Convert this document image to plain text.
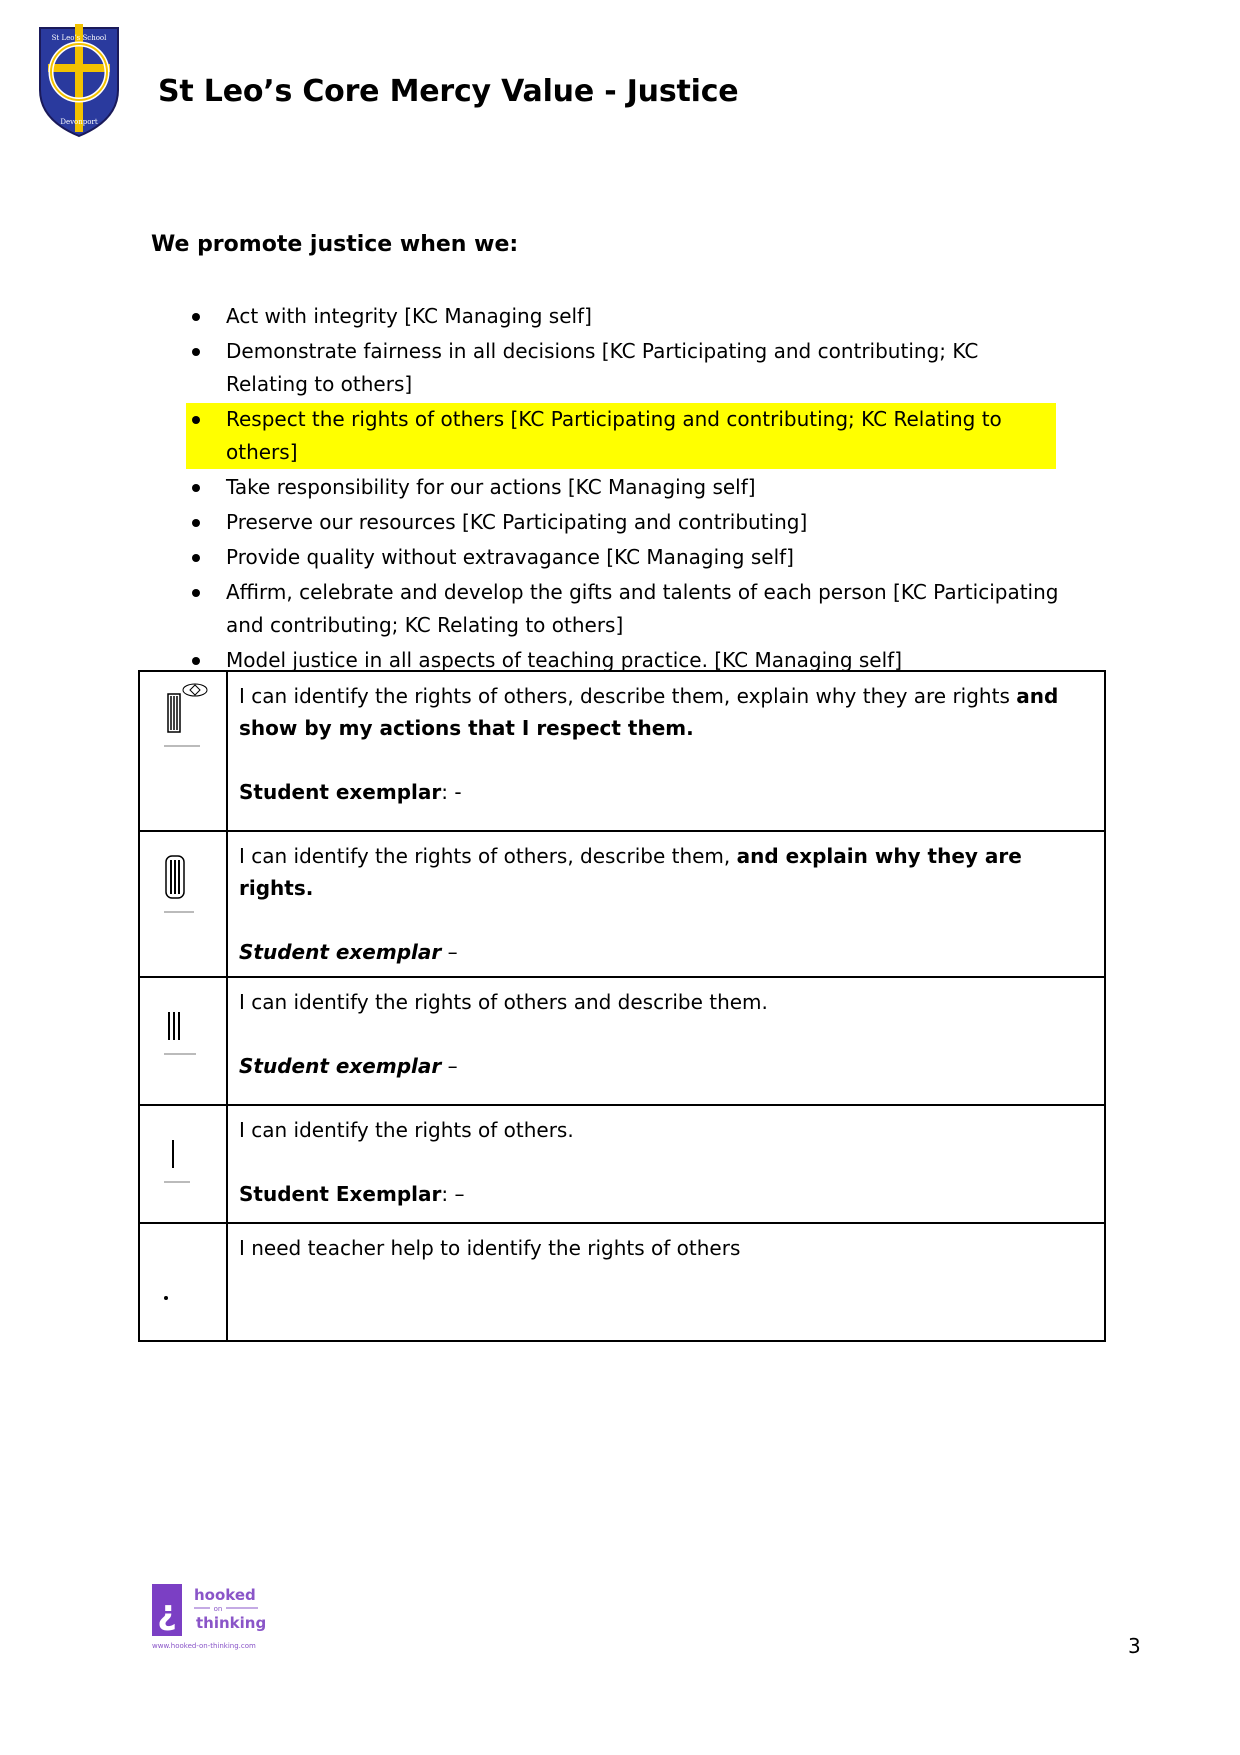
St Leo’s School
Devonport
St Leo’s Core Mercy Value - Justice
We promote justice when we:
Act with integrity [KC Managing self]
Demonstrate fairness in all decisions [KC Participating and contributing; KC Relating to others]
Respect the rights of others [KC Participating and contributing; KC Relating to others]
Take responsibility for our actions [KC Managing self]
Preserve our resources [KC Participating and contributing]
Provide quality without extravagance [KC Managing self]
Affirm, celebrate and develop the gifts and talents of each person [KC Participating and contributing; KC Relating to others]
Model justice in all aspects of teaching practice. [KC Managing self]
	I can identify the rights of others, describe them, explain why they are rights and show by my actions that I respect them.
Student exemplar: -

	I can identify the rights of others, describe them, and explain why they are rights.
Student exemplar –

	I can identify the rights of others and describe them.
Student exemplar –

	I can identify the rights of others.
Student Exemplar: –

	I need teacher help to identify the rights of others
¿ hooked
on
thinking
www.hooked-on-thinking.com	3
